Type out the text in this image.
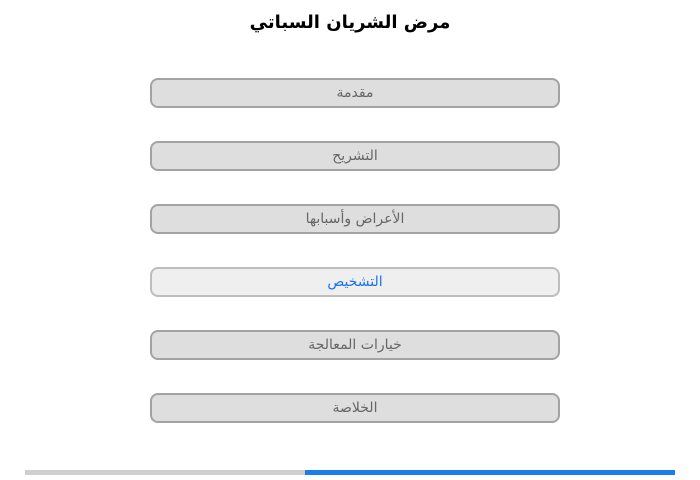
مرض الشريان السباتي
مقدمة
التشريح
الأعراض وأسبابها
التشخيص
خيارات المعالجة
الخلاصة
